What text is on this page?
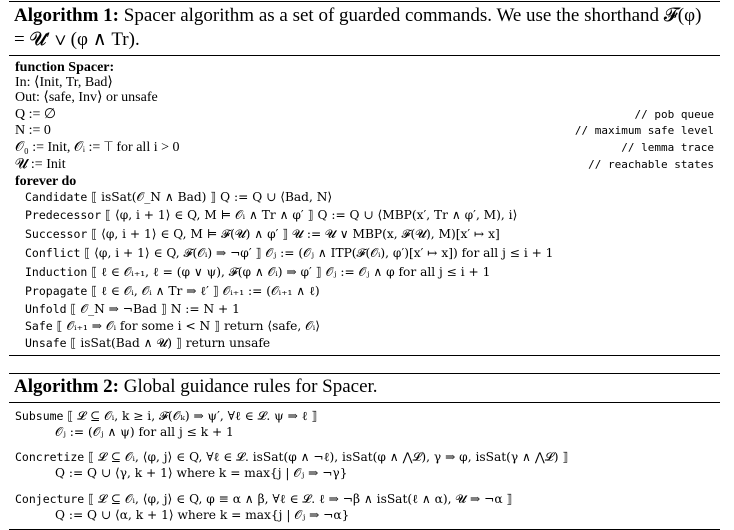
Algorithm 1: Spacer algorithm as a set of guarded commands. We use the shorthand 𝓕(φ) = 𝓤′ ∨ (φ ∧ Tr).
function Spacer:
In: ⟨Init, Tr, Bad⟩
Out: ⟨safe, Inv⟩ or unsafe
Q := ∅	// pob queue
N := 0	// maximum safe level
𝒪₀ := Init, 𝒪ᵢ := ⊤ for all i > 0	// lemma trace
𝓤 := Init	// reachable states
forever do
Candidate ⟦ isSat(𝒪_N ∧ Bad) ⟧ Q := Q ∪ ⟨Bad, N⟩
Predecessor ⟦ ⟨φ, i + 1⟩ ∈ Q, M ⊨ 𝒪ᵢ ∧ Tr ∧ φ′ ⟧ Q := Q ∪ ⟨MBP(x′, Tr ∧ φ′, M), i⟩
Successor ⟦ ⟨φ, i + 1⟩ ∈ Q, M ⊨ 𝓕(𝓤) ∧ φ′ ⟧ 𝓤 := 𝓤 ∨ MBP(x, 𝓕(𝓤), M)[x′ ↦ x]
Conflict ⟦ ⟨φ, i + 1⟩ ∈ Q, 𝓕(𝒪ᵢ) ⇒ ¬φ′ ⟧ 𝒪ⱼ := (𝒪ⱼ ∧ ITP(𝓕(𝒪ᵢ), φ′)[x′ ↦ x]) for all j ≤ i + 1
Induction ⟦ ℓ ∈ 𝒪ᵢ₊₁, ℓ = (φ ∨ ψ), 𝓕(φ ∧ 𝒪ᵢ) ⇒ φ′ ⟧ 𝒪ⱼ := 𝒪ⱼ ∧ φ for all j ≤ i + 1
Propagate ⟦ ℓ ∈ 𝒪ᵢ, 𝒪ᵢ ∧ Tr ⇒ ℓ′ ⟧ 𝒪ᵢ₊₁ := (𝒪ᵢ₊₁ ∧ ℓ)
Unfold ⟦ 𝒪_N ⇒ ¬Bad ⟧ N := N + 1
Safe ⟦ 𝒪ᵢ₊₁ ⇒ 𝒪ᵢ for some i < N ⟧ return ⟨safe, 𝒪ᵢ⟩
Unsafe ⟦ isSat(Bad ∧ 𝓤) ⟧ return unsafe
Algorithm 2: Global guidance rules for Spacer.
Subsume ⟦ 𝓛 ⊆ 𝒪ᵢ, k ≥ i, 𝓕(𝒪ₖ) ⇒ ψ′, ∀ℓ ∈ 𝓛. ψ ⇒ ℓ ⟧
𝒪ⱼ := (𝒪ⱼ ∧ ψ) for all j ≤ k + 1
Concretize ⟦ 𝓛 ⊆ 𝒪ᵢ, ⟨φ, j⟩ ∈ Q, ∀ℓ ∈ 𝓛. isSat(φ ∧ ¬ℓ), isSat(φ ∧ ⋀𝓛), γ ⇒ φ, isSat(γ ∧ ⋀𝓛) ⟧
Q := Q ∪ ⟨γ, k + 1⟩ where k = max{j | 𝒪ⱼ ⇒ ¬γ}
Conjecture ⟦ 𝓛 ⊆ 𝒪ᵢ, ⟨φ, j⟩ ∈ Q, φ ≡ α ∧ β, ∀ℓ ∈ 𝓛. ℓ ⇒ ¬β ∧ isSat(ℓ ∧ α), 𝓤 ⇒ ¬α ⟧
Q := Q ∪ ⟨α, k + 1⟩ where k = max{j | 𝒪ⱼ ⇒ ¬α}
